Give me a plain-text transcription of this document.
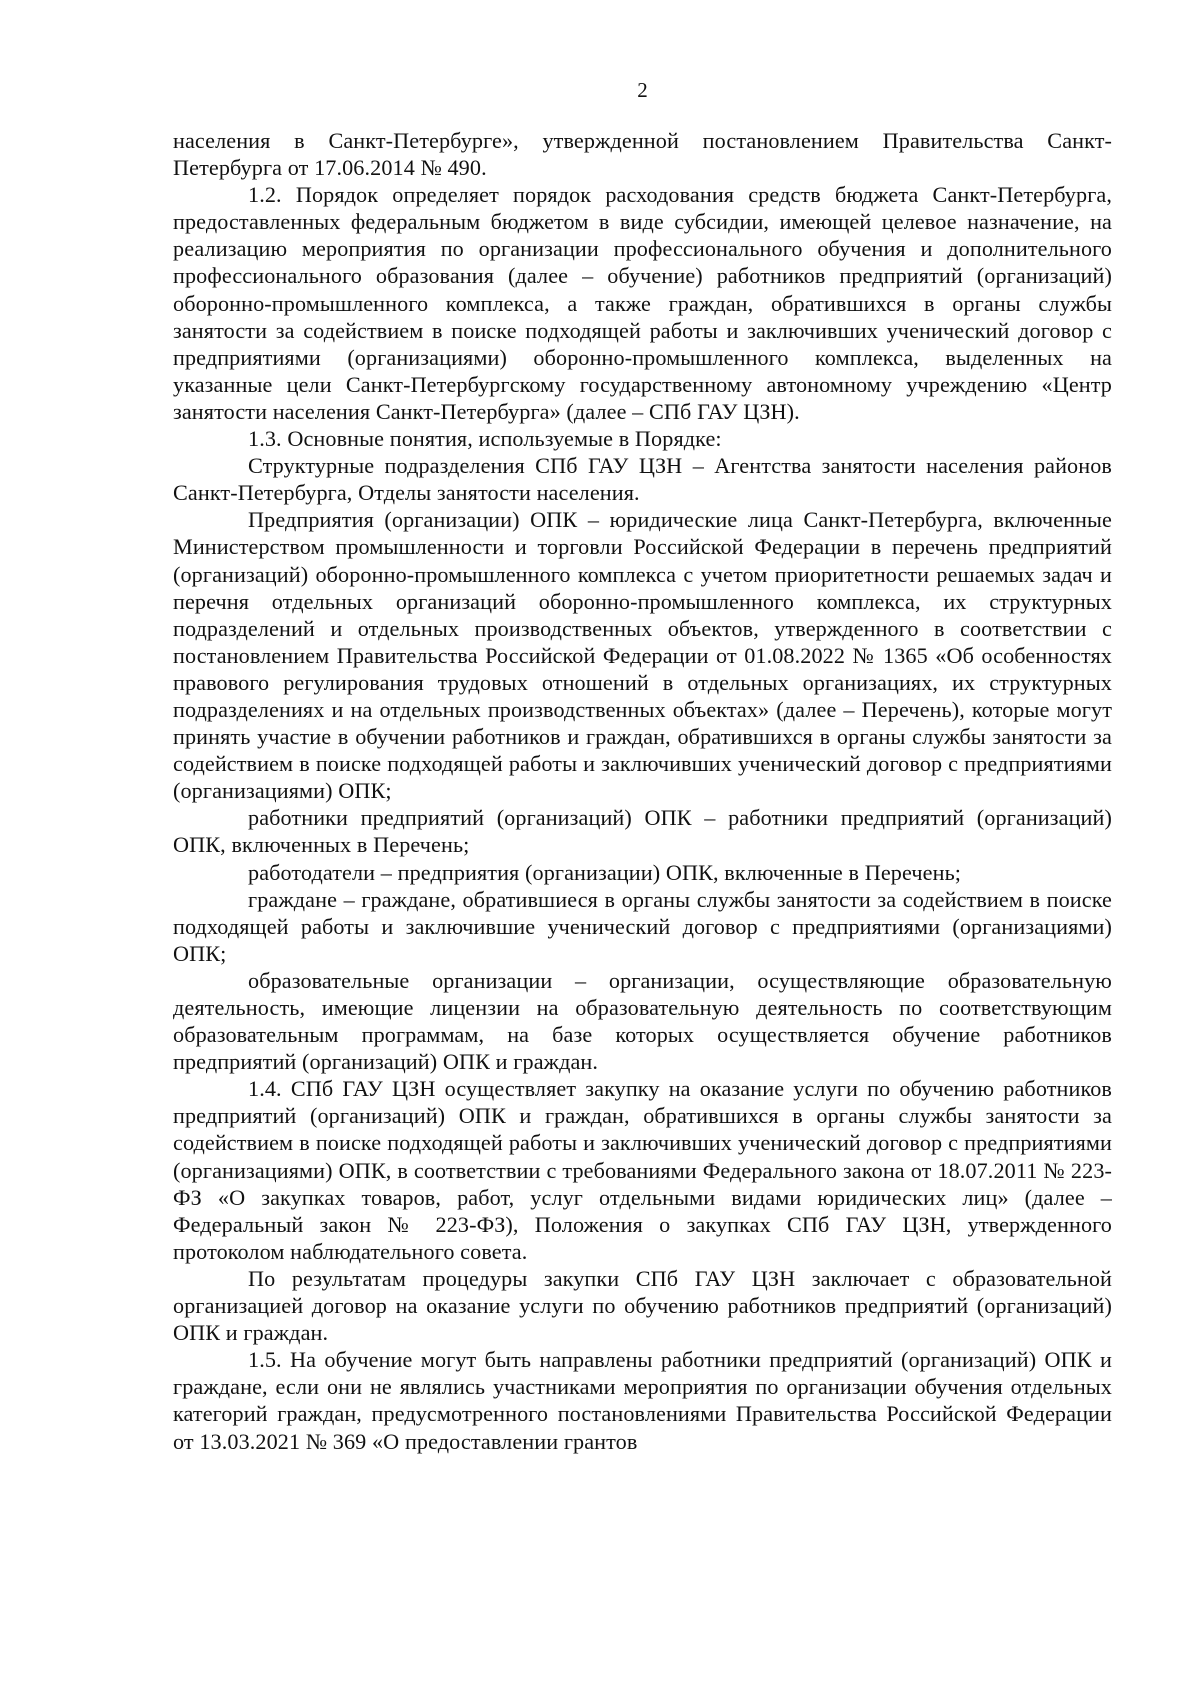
2

населения в Санкт-Петербурге», утвержденной постановлением Правительства Санкт-Петербурга от 17.06.2014 № 490.

1.2. Порядок определяет порядок расходования средств бюджета Санкт-Петербурга, предоставленных федеральным бюджетом в виде субсидии, имеющей целевое назначение, на реализацию мероприятия по организации профессионального обучения и дополнительного профессионального образования (далее – обучение) работников предприятий (организаций) оборонно-промышленного комплекса, а также граждан, обратившихся в органы службы занятости за содействием в поиске подходящей работы и заключивших ученический договор с предприятиями (организациями) оборонно-промышленного комплекса, выделенных на указанные цели Санкт-Петербургскому государственному автономному учреждению «Центр занятости населения Санкт-Петербурга» (далее – СПб ГАУ ЦЗН).

1.3. Основные понятия, используемые в Порядке:

Структурные подразделения СПб ГАУ ЦЗН – Агентства занятости населения районов Санкт-Петербурга, Отделы занятости населения.

Предприятия (организации) ОПК – юридические лица Санкт-Петербурга, включенные Министерством промышленности и торговли Российской Федерации в перечень предприятий (организаций) оборонно-промышленного комплекса с учетом приоритетности решаемых задач и перечня отдельных организаций оборонно-промышленного комплекса, их структурных подразделений и отдельных производственных объектов, утвержденного в соответствии с постановлением Правительства Российской Федерации от 01.08.2022 № 1365 «Об особенностях правового регулирования трудовых отношений в отдельных организациях, их структурных подразделениях и на отдельных производственных объектах» (далее – Перечень), которые могут принять участие в обучении работников и граждан, обратившихся в органы службы занятости за содействием в поиске подходящей работы и заключивших ученический договор с предприятиями (организациями) ОПК;

работники предприятий (организаций) ОПК – работники предприятий (организаций) ОПК, включенных в Перечень;

работодатели – предприятия (организации) ОПК, включенные в Перечень;

граждане – граждане, обратившиеся в органы службы занятости за содействием в поиске подходящей работы и заключившие ученический договор с предприятиями (организациями) ОПК;

образовательные организации – организации, осуществляющие образовательную деятельность, имеющие лицензии на образовательную деятельность по соответствующим образовательным программам, на базе которых осуществляется обучение работников предприятий (организаций) ОПК и граждан.

1.4. СПб ГАУ ЦЗН осуществляет закупку на оказание услуги по обучению работников предприятий (организаций) ОПК и граждан, обратившихся в органы службы занятости за содействием в поиске подходящей работы и заключивших ученический договор с предприятиями (организациями) ОПК, в соответствии с требованиями Федерального закона от 18.07.2011 № 223-ФЗ «О закупках товаров, работ, услуг отдельными видами юридических лиц» (далее – Федеральный закон № 223-ФЗ), Положения о закупках СПб ГАУ ЦЗН, утвержденного протоколом наблюдательного совета.

По результатам процедуры закупки СПб ГАУ ЦЗН заключает с образовательной организацией договор на оказание услуги по обучению работников предприятий (организаций) ОПК и граждан.

1.5. На обучение могут быть направлены работники предприятий (организаций) ОПК и граждане, если они не являлись участниками мероприятия по организации обучения отдельных категорий граждан, предусмотренного постановлениями Правительства Российской Федерации от 13.03.2021 № 369 «О предоставлении грантов
